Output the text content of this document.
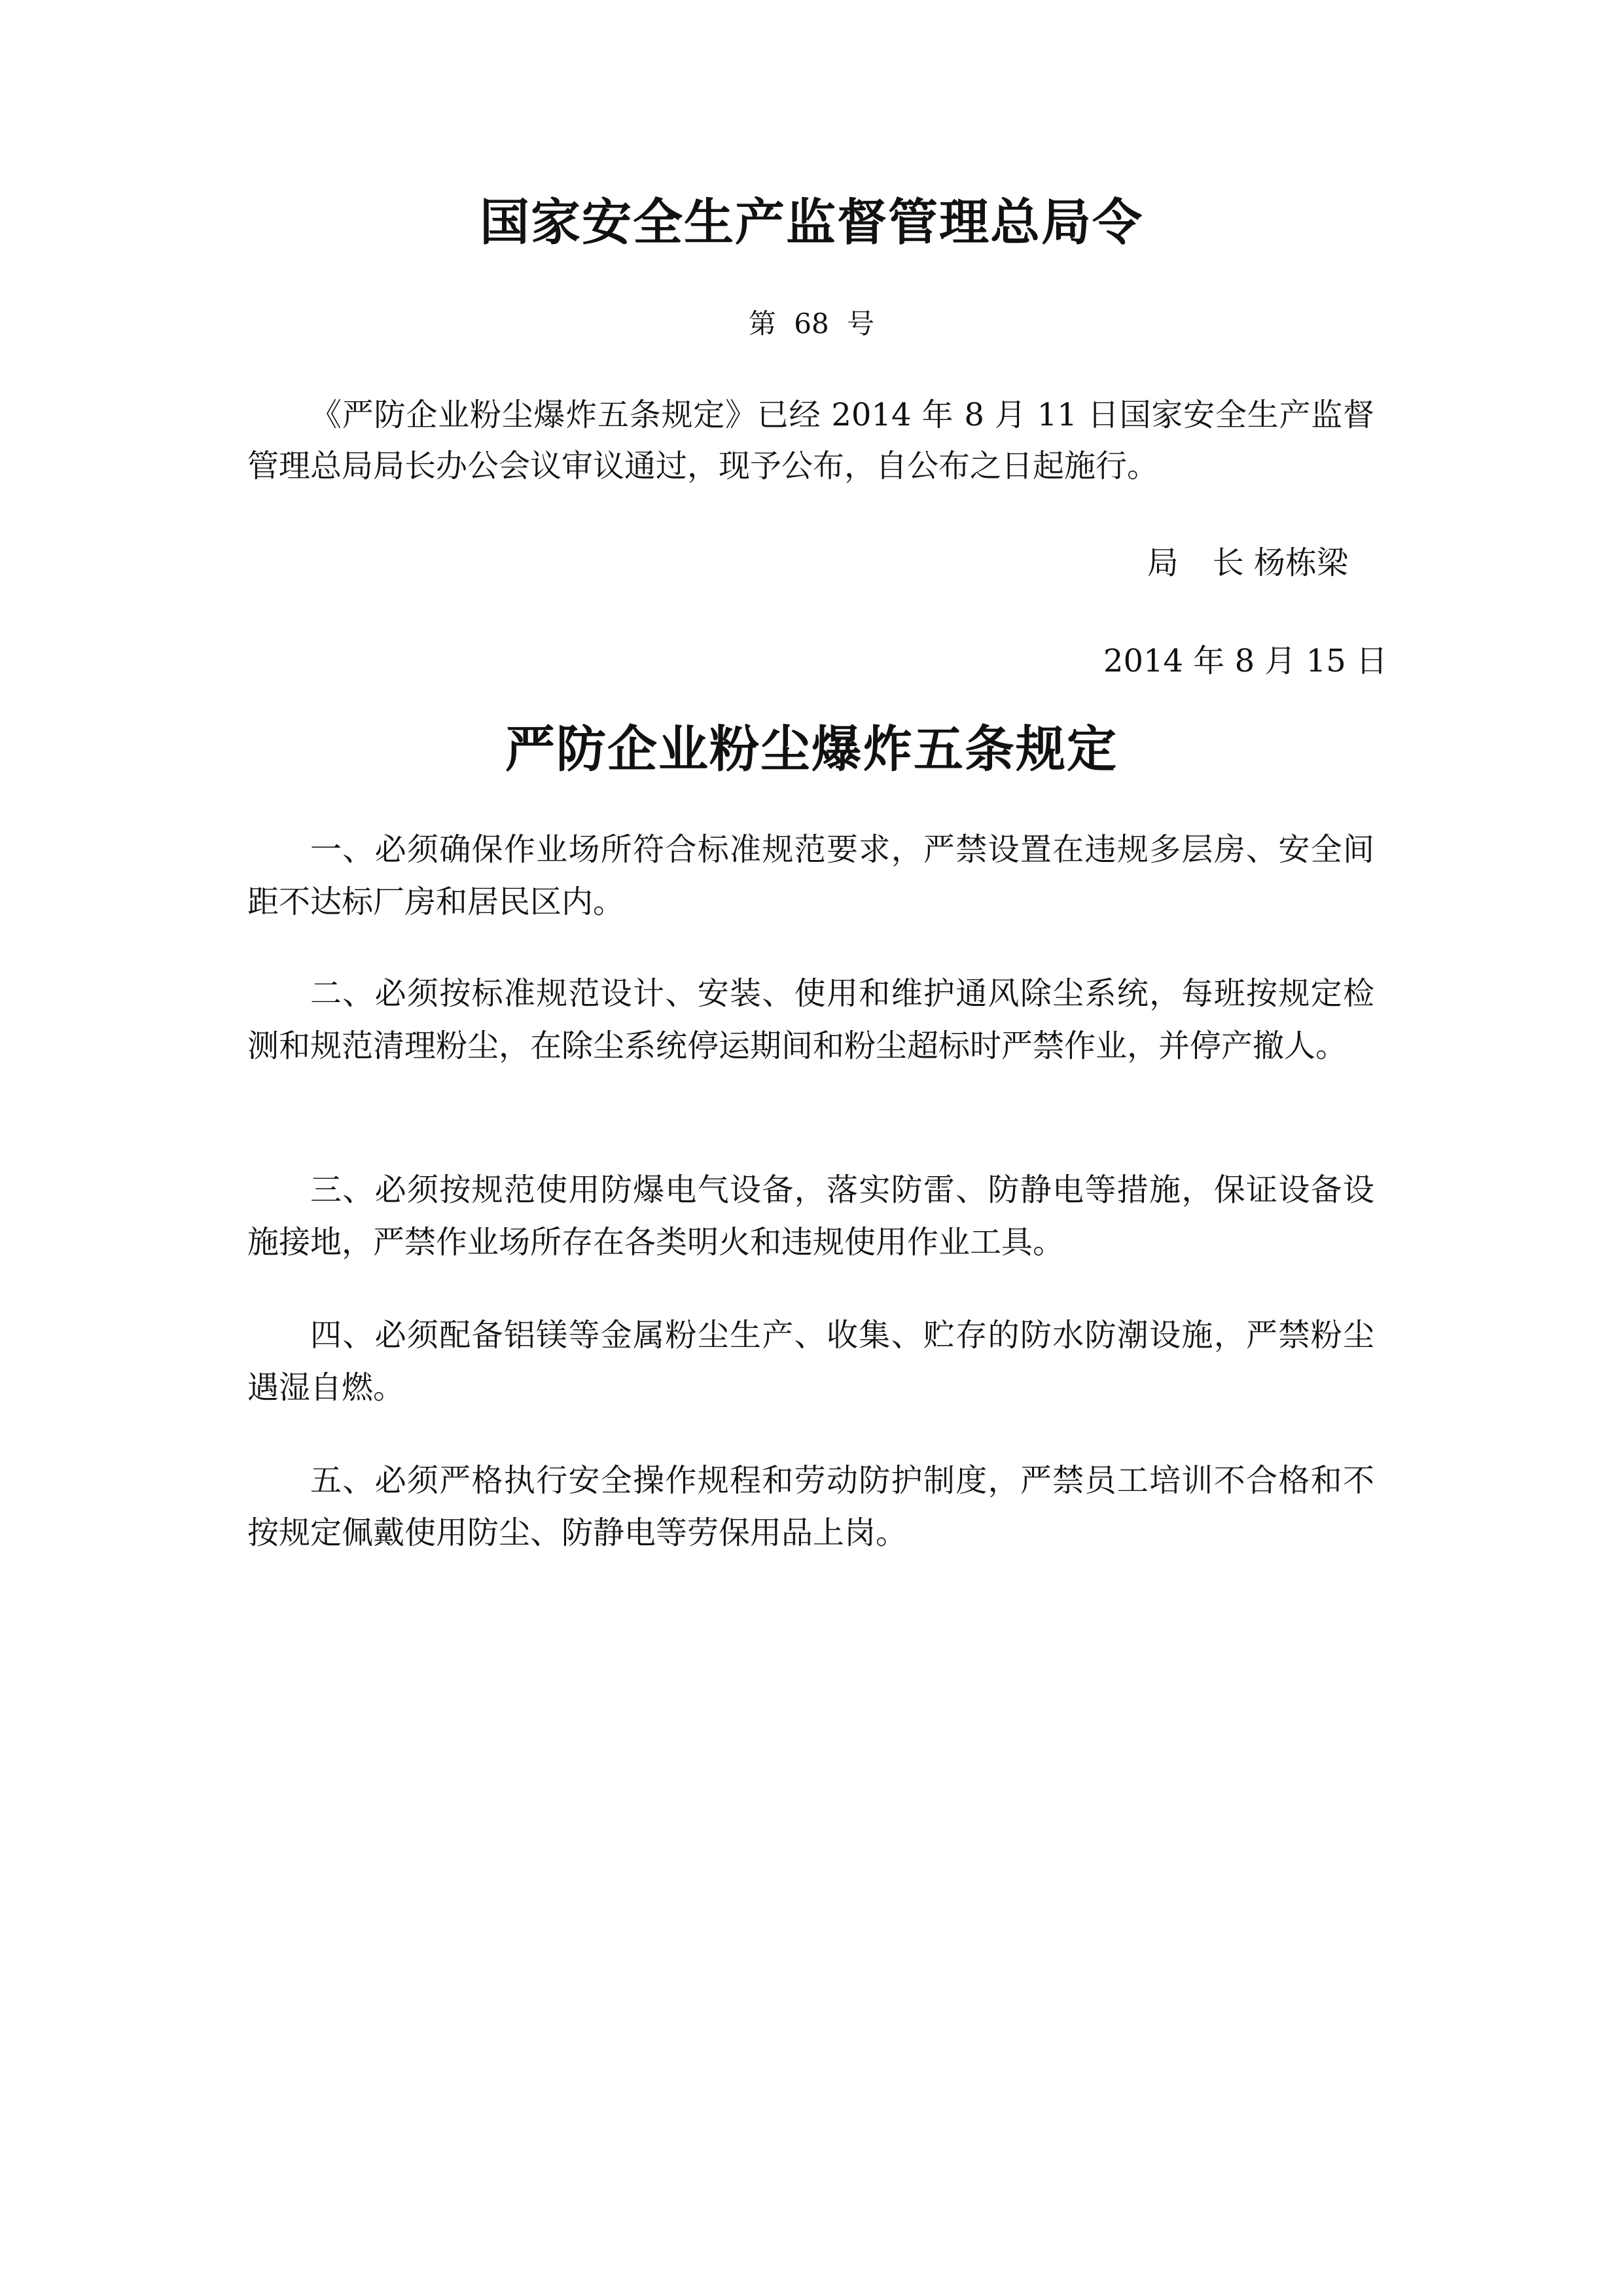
国家安全生产监督管理总局令
第 68 号

《严防企业粉尘爆炸五条规定》已经 2014 年 8 月 11 日国家安全生产监督管理总局局长办公会议审议通过，现予公布，自公布之日起施行。

局 长 杨栋梁
2014 年 8 月 15 日
严防企业粉尘爆炸五条规定

一、必须确保作业场所符合标准规范要求，严禁设置在违规多层房、安全间距不达标厂房和居民区内。

二、必须按标准规范设计、安装、使用和维护通风除尘系统，每班按规定检测和规范清理粉尘，在除尘系统停运期间和粉尘超标时严禁作业，并停产撤人。

三、必须按规范使用防爆电气设备，落实防雷、防静电等措施，保证设备设施接地，严禁作业场所存在各类明火和违规使用作业工具。

四、必须配备铝镁等金属粉尘生产、收集、贮存的防水防潮设施，严禁粉尘遇湿自燃。

五、必须严格执行安全操作规程和劳动防护制度，严禁员工培训不合格和不按规定佩戴使用防尘、防静电等劳保用品上岗。
